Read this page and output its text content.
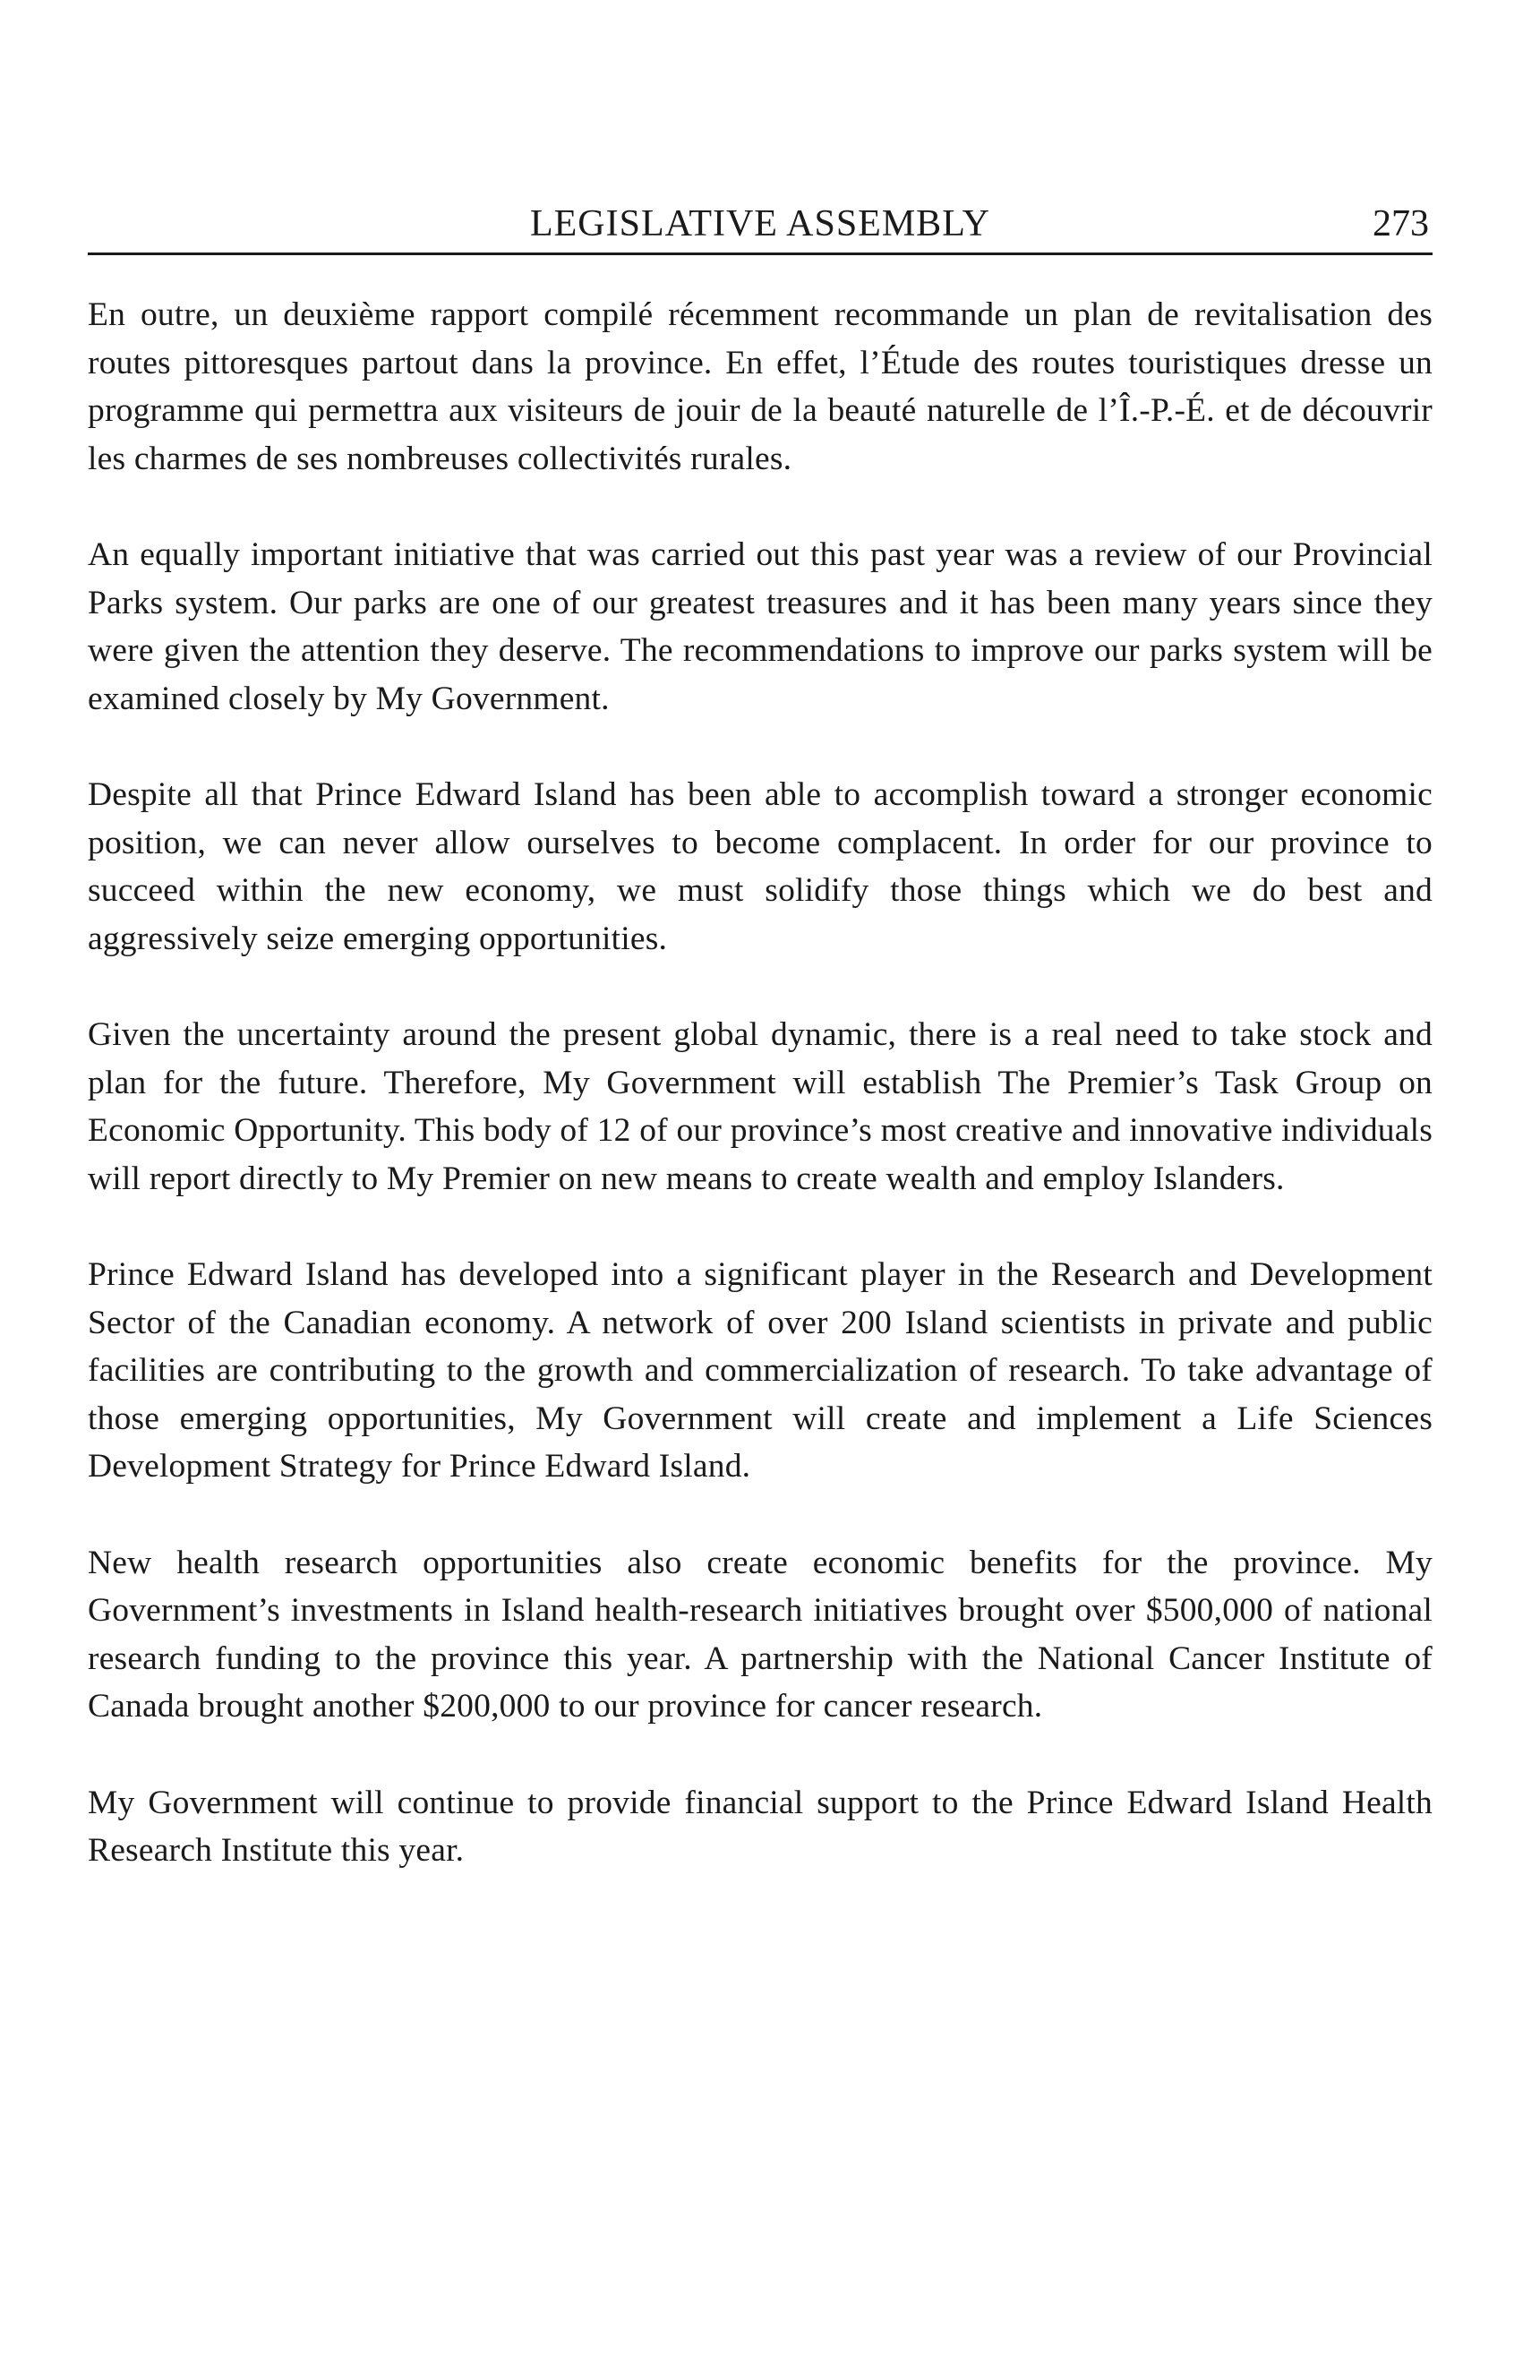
LEGISLATIVE ASSEMBLY	273

En outre, un deuxième rapport compilé récemment recommande un plan de revitalisation des routes pittoresques partout dans la province. En effet, l’Étude des routes touristiques dresse un programme qui permettra aux visiteurs de jouir de la beauté naturelle de l’Î.-P.-É. et de découvrir les charmes de ses nombreuses collectivités rurales.

An equally important initiative that was carried out this past year was a review of our Provincial Parks system. Our parks are one of our greatest treasures and it has been many years since they were given the attention they deserve. The recommendations to improve our parks system will be examined closely by My Government.

Despite all that Prince Edward Island has been able to accomplish toward a stronger economic position, we can never allow ourselves to become complacent. In order for our province to succeed within the new economy, we must solidify those things which we do best and aggressively seize emerging opportunities.

Given the uncertainty around the present global dynamic, there is a real need to take stock and plan for the future. Therefore, My Government will establish The Premier’s Task Group on Economic Opportunity. This body of 12 of our province’s most creative and innovative individuals will report directly to My Premier on new means to create wealth and employ Islanders.

Prince Edward Island has developed into a significant player in the Research and Development Sector of the Canadian economy. A network of over 200 Island scientists in private and public facilities are contributing to the growth and commercialization of research. To take advantage of those emerging opportunities, My Government will create and implement a Life Sciences Development Strategy for Prince Edward Island.

New health research opportunities also create economic benefits for the province. My Government’s investments in Island health-research initiatives brought over $500,000 of national research funding to the province this year. A partnership with the National Cancer Institute of Canada brought another $200,000 to our province for cancer research.

My Government will continue to provide financial support to the Prince Edward Island Health Research Institute this year.
